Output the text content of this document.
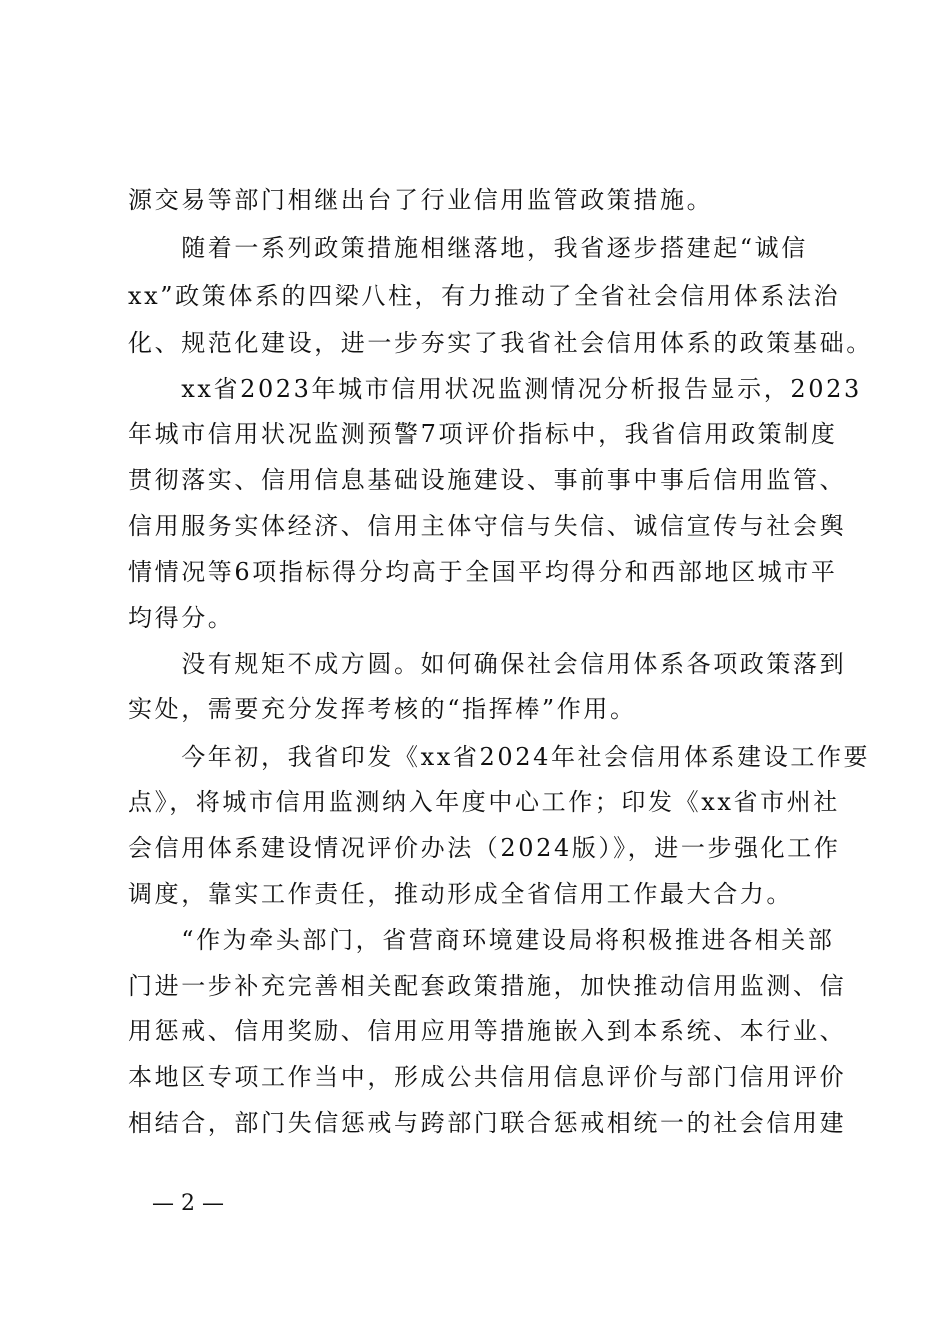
源交易等部门相继出台了行业信用监管政策措施。
　　随着一系列政策措施相继落地，我省逐步搭建起“诚信
xx”政策体系的四梁八柱，有力推动了全省社会信用体系法治
化、规范化建设，进一步夯实了我省社会信用体系的政策基础。
　　xx省2023年城市信用状况监测情况分析报告显示，2023
年城市信用状况监测预警7项评价指标中，我省信用政策制度
贯彻落实、信用信息基础设施建设、事前事中事后信用监管、
信用服务实体经济、信用主体守信与失信、诚信宣传与社会舆
情情况等6项指标得分均高于全国平均得分和西部地区城市平
均得分。
　　没有规矩不成方圆。如何确保社会信用体系各项政策落到
实处，需要充分发挥考核的“指挥棒”作用。
　　今年初，我省印发《xx省2024年社会信用体系建设工作要
点》，将城市信用监测纳入年度中心工作；印发《xx省市州社
会信用体系建设情况评价办法（2024版）》，进一步强化工作
调度，靠实工作责任，推动形成全省信用工作最大合力。
　　“作为牵头部门，省营商环境建设局将积极推进各相关部
门进一步补充完善相关配套政策措施，加快推动信用监测、信
用惩戒、信用奖励、信用应用等措施嵌入到本系统、本行业、
本地区专项工作当中，形成公共信用信息评价与部门信用评价
相结合，部门失信惩戒与跨部门联合惩戒相统一的社会信用建
— 2 —
